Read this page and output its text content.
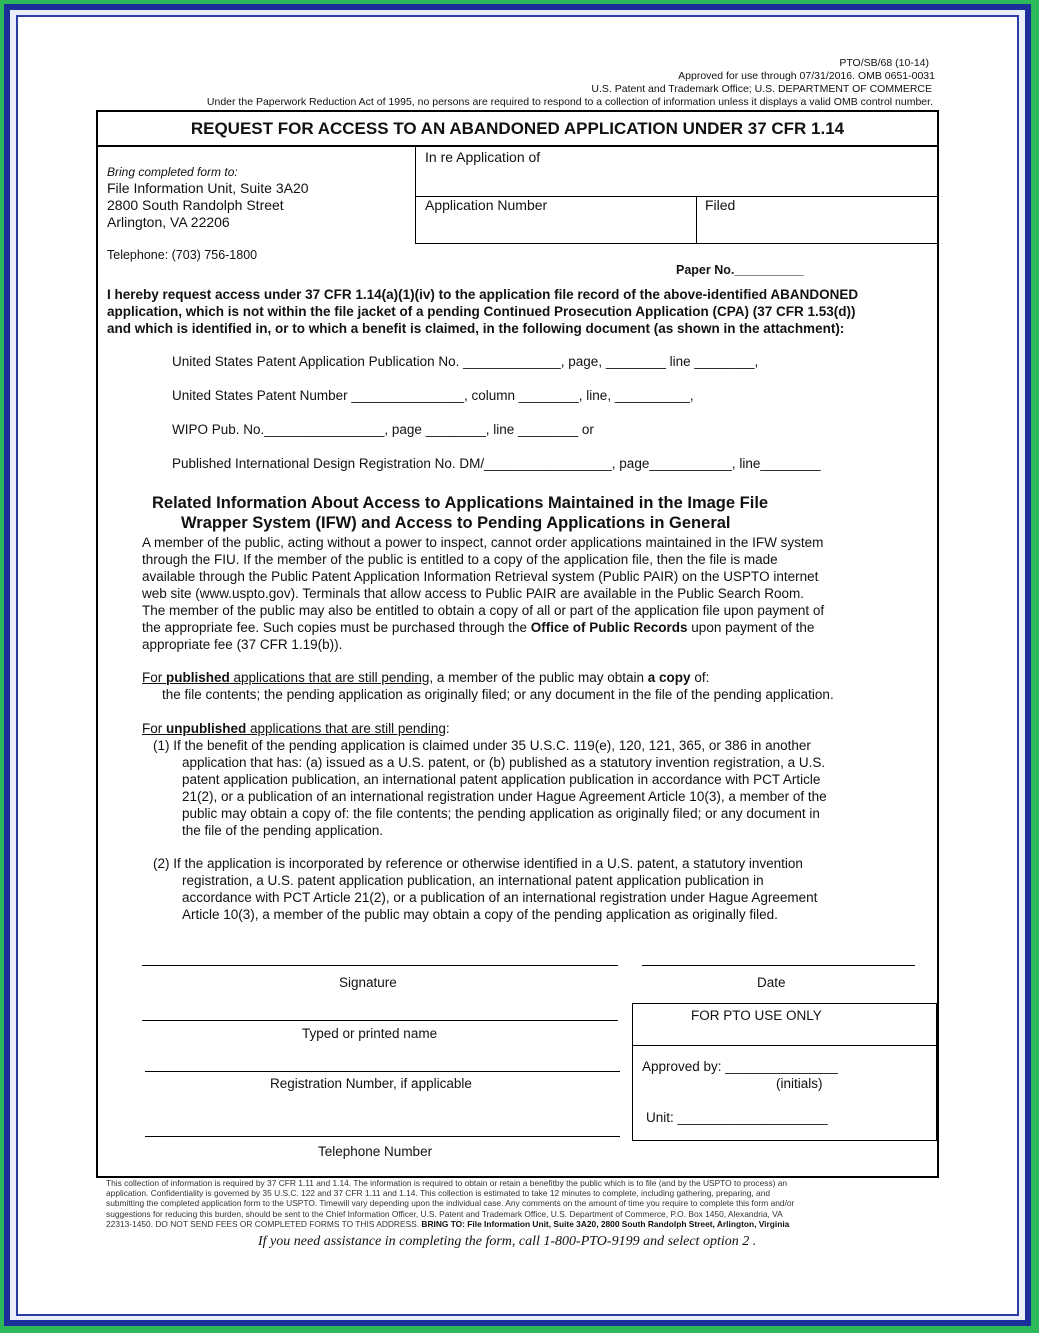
PTO/SB/68 (10-14)
Approved for use through 07/31/2016. OMB 0651-0031
U.S. Patent and Trademark Office; U.S. DEPARTMENT OF COMMERCE
Under the Paperwork Reduction Act of 1995, no persons are required to respond to a collection of information unless it displays a valid OMB control number.
REQUEST FOR ACCESS TO AN ABANDONED APPLICATION UNDER 37 CFR 1.14
Bring completed form to:
File Information Unit, Suite 3A20
2800 South Randolph Street
Arlington, VA 22206
Telephone: (703) 756-1800
In re Application of
Application Number	Filed
Paper No.__________
I hereby request access under 37 CFR 1.14(a)(1)(iv) to the application file record of the above-identified ABANDONED
application, which is not within the file jacket of a pending Continued Prosecution Application (CPA) (37 CFR 1.53(d))
and which is identified in, or to which a benefit is claimed, in the following document (as shown in the attachment):
United States Patent Application Publication No. _____________, page, ________ line ________,
United States Patent Number _______________, column ________, line, __________,
WIPO Pub. No.________________, page ________, line ________ or
Published International Design Registration No. DM/_________________, page___________, line________
Related Information About Access to Applications Maintained in the Image File
Wrapper System (IFW) and Access to Pending Applications in General
A member of the public, acting without a power to inspect, cannot order applications maintained in the IFW system
through the FIU. If the member of the public is entitled to a copy of the application file, then the file is made
available through the Public Patent Application Information Retrieval system (Public PAIR) on the USPTO internet
web site (www.uspto.gov). Terminals that allow access to Public PAIR are available in the Public Search Room.
The member of the public may also be entitled to obtain a copy of all or part of the application file upon payment of
the appropriate fee. Such copies must be purchased through the Office of Public Records upon payment of the
appropriate fee (37 CFR 1.19(b)).
For published applications that are still pending, a member of the public may obtain a copy of:
the file contents; the pending application as originally filed; or any document in the file of the pending application.
For unpublished applications that are still pending:
(1) If the benefit of the pending application is claimed under 35 U.S.C. 119(e), 120, 121, 365, or 386 in another
application that has: (a) issued as a U.S. patent, or (b) published as a statutory invention registration, a U.S.
patent application publication, an international patent application publication in accordance with PCT Article
21(2), or a publication of an international registration under Hague Agreement Article 10(3), a member of the
public may obtain a copy of: the file contents; the pending application as originally filed; or any document in
the file of the pending application.
(2) If the application is incorporated by reference or otherwise identified in a U.S. patent, a statutory invention
registration, a U.S. patent application publication, an international patent application publication in
accordance with PCT Article 21(2), or a publication of an international registration under Hague Agreement
Article 10(3), a member of the public may obtain a copy of the pending application as originally filed.
Signature	Date
Typed or printed name
Registration Number, if applicable
Telephone Number
FOR PTO USE ONLY
Approved by: _______________
(initials)
Unit: ____________________
This collection of information is required by 37 CFR 1.11 and 1.14. The information is required to obtain or retain a benefitby the public which is to file (and by the USPTO to process) an
application. Confidentiality is governed by 35 U.S.C. 122 and 37 CFR 1.11 and 1.14. This collection is estimated to take 12 minutes to complete, including gathering, preparing, and
submitting the completed application form to the USPTO. Timewill vary depending upon the individual case. Any comments on the amount of time you require to complete this form and/or
suggestions for reducing this burden, should be sent to the Chief Information Officer, U.S. Patent and Trademark Office, U.S. Department of Commerce, P.O. Box 1450, Alexandria, VA
22313-1450. DO NOT SEND FEES OR COMPLETED FORMS TO THIS ADDRESS. BRING TO: File Information Unit, Suite 3A20, 2800 South Randolph Street, Arlington, Virginia
If you need assistance in completing the form, call 1-800-PTO-9199 and select option 2 .
